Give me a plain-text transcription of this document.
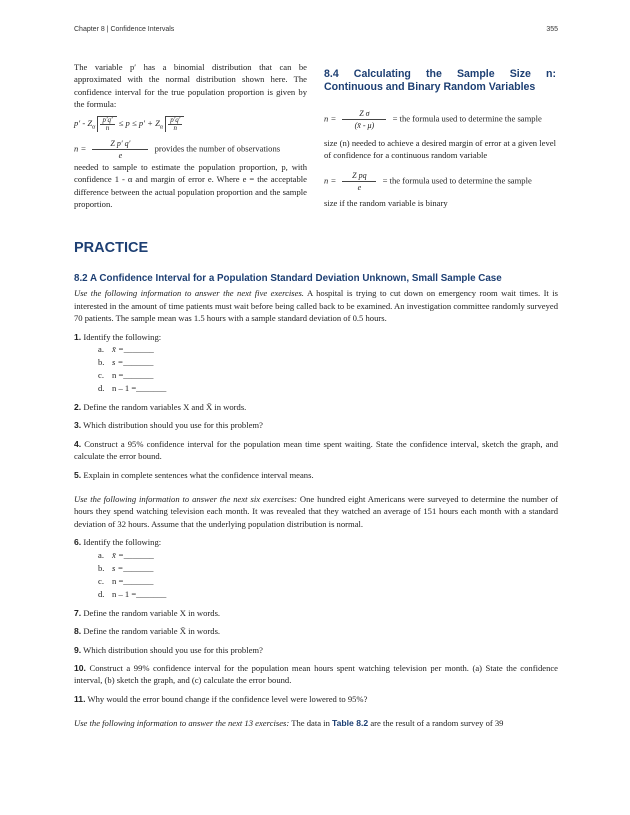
Chapter 8 | Confidence Intervals	355
The variable p′ has a binomial distribution that can be approximated with the normal distribution shown here. The confidence interval for the true population proportion is given by the formula:
$p' - Z_\alpha \frac{p'q'}{n} \le p \le p' + Z_\alpha \frac{p'q'}{n}$
$n = \frac{\text{Z p′ q′}}{e}$ provides the number of observations
needed to sample to estimate the population proportion, p, with confidence 1 - α and margin of error e. Where e = the acceptable difference between the actual population proportion and the sample proportion.
8.4 Calculating the Sample Size n: Continuous and Binary Random Variables
$n = \frac{\text{Z σ}}{(x̄ - \mu)}$ = the formula used to determine the sample
size (n) needed to achieve a desired margin of error at a given level of confidence for a continuous random variable
$n = \frac{\text{Z pq}}{e}$ = the formula used to determine the sample
size if the random variable is binary
PRACTICE
8.2 A Confidence Interval for a Population Standard Deviation Unknown, Small Sample Case
Use the following information to answer the next five exercises. A hospital is trying to cut down on emergency room wait times. It is interested in the amount of time patients must wait before being called back to be examined. An investigation committee randomly surveyed 70 patients. The sample mean was 1.5 hours with a sample standard deviation of 0.5 hours.
1. Identify the following:
a. x̄ =_______
b. s =_______
c. n =_______
d. n – 1 =_______
2. Define the random variables X and X̄ in words.
3. Which distribution should you use for this problem?
4. Construct a 95% confidence interval for the population mean time spent waiting. State the confidence interval, sketch the graph, and calculate the error bound.
5. Explain in complete sentences what the confidence interval means.
Use the following information to answer the next six exercises: One hundred eight Americans were surveyed to determine the number of hours they spend watching television each month. It was revealed that they watched an average of 151 hours each month with a standard deviation of 32 hours. Assume that the underlying population distribution is normal.
6. Identify the following:
a. x̄ =_______
b. s =_______
c. n =_______
d. n – 1 =_______
7. Define the random variable X in words.
8. Define the random variable X̄ in words.
9. Which distribution should you use for this problem?
10. Construct a 99% confidence interval for the population mean hours spent watching television per month. (a) State the confidence interval, (b) sketch the graph, and (c) calculate the error bound.
11. Why would the error bound change if the confidence level were lowered to 95%?
Use the following information to answer the next 13 exercises: The data in Table 8.2 are the result of a random survey of 39
